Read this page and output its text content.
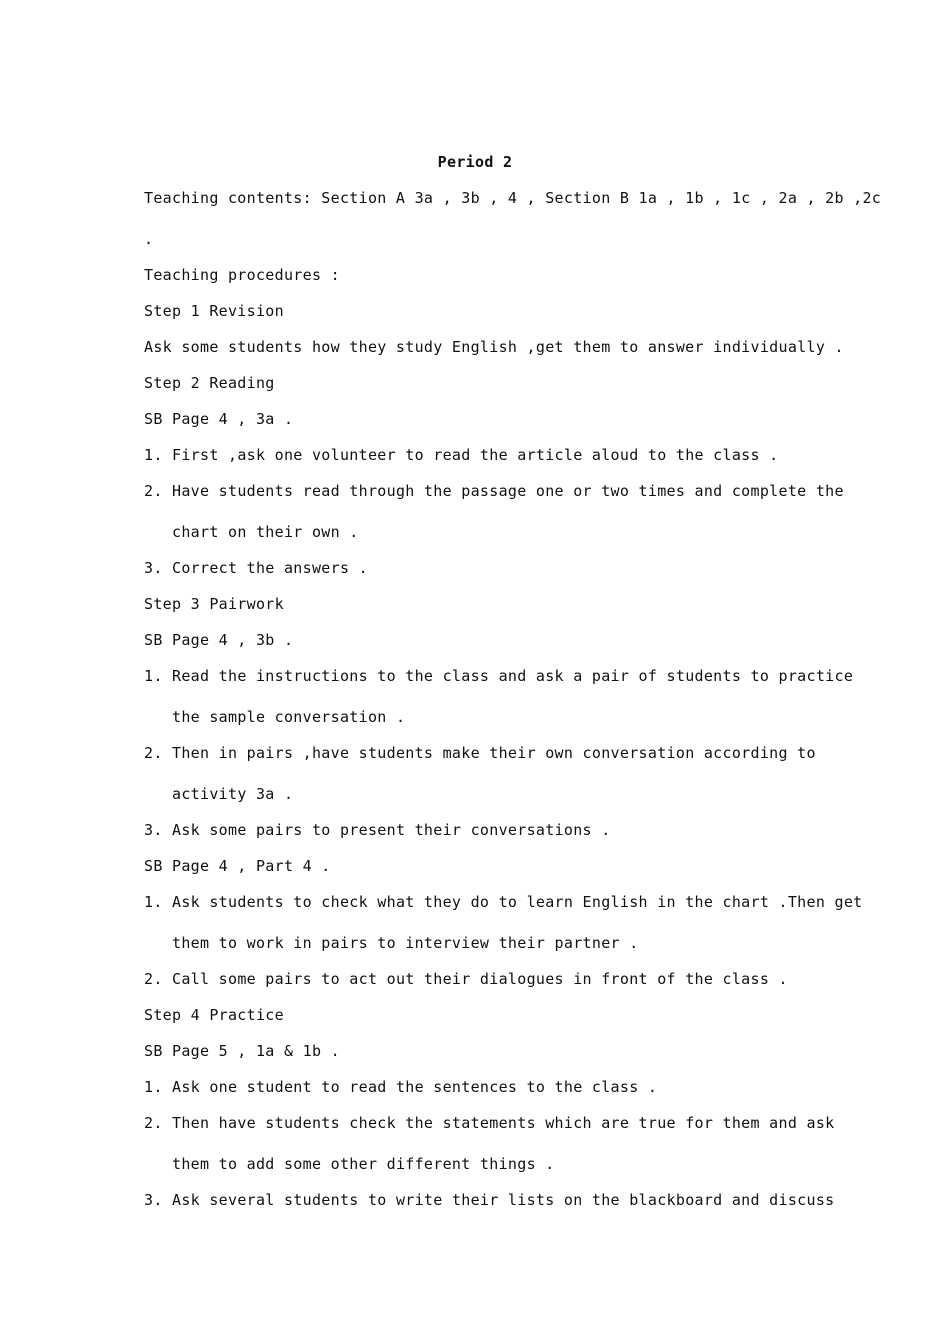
Period 2
Teaching contents: Section A 3a , 3b , 4 , Section B 1a , 1b , 1c , 2a , 2b ,2c
.
Teaching procedures :
Step 1 Revision
Ask some students how they study English ,get them to answer individually .
Step 2 Reading
SB Page 4 , 3a .
1. First ,ask one volunteer to read the article aloud to the class .
2. Have students read through the passage one or two times and complete the
chart on their own .
3. Correct the answers .
Step 3 Pairwork
SB Page 4 , 3b .
1. Read the instructions to the class and ask a pair of students to practice
the sample conversation .
2. Then in pairs ,have students make their own conversation according to
activity 3a .
3. Ask some pairs to present their conversations .
SB Page 4 , Part 4 .
1. Ask students to check what they do to learn English in the chart .Then get
them to work in pairs to interview their partner .
2. Call some pairs to act out their dialogues in front of the class .
Step 4 Practice
SB Page 5 , 1a & 1b .
1. Ask one student to read the sentences to the class .
2. Then have students check the statements which are true for them and ask
them to add some other different things .
3. Ask several students to write their lists on the blackboard and discuss
